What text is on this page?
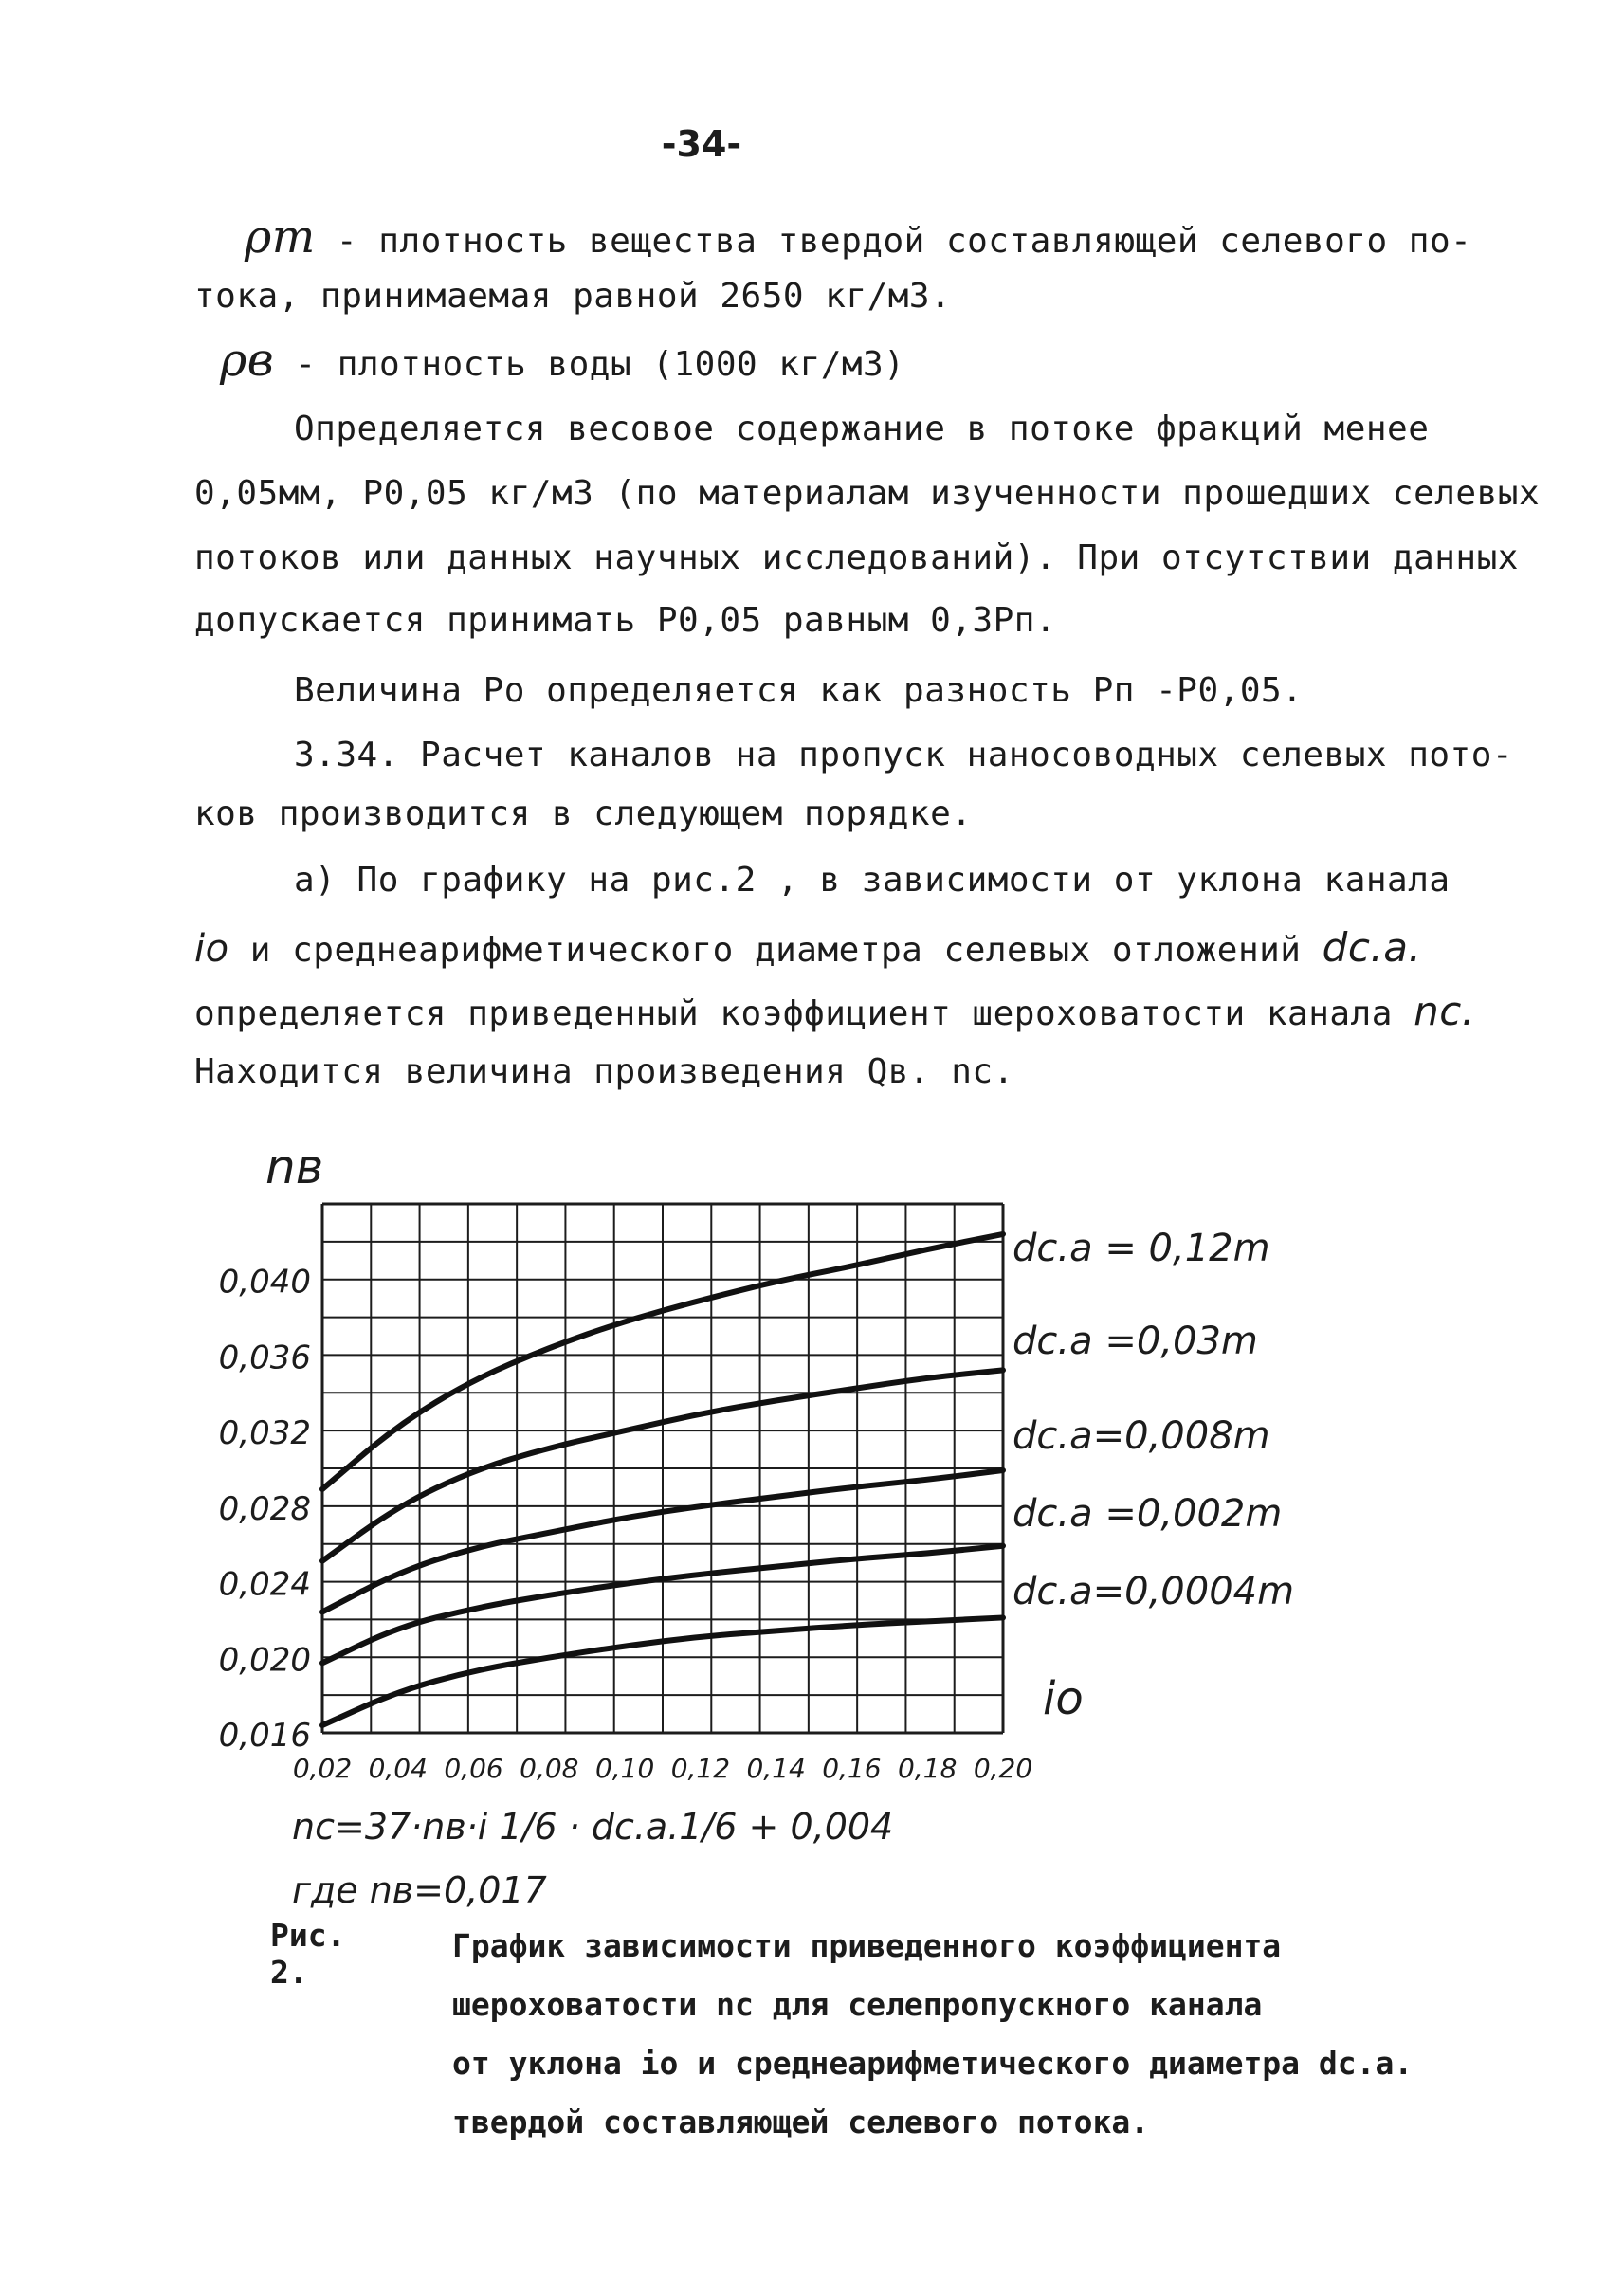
-34-
ρт - плотность вещества твердой составляющей селевого по-
тока, принимаемая равной 2650 кг/м3.
ρв - плотность воды (1000 кг/м3)
Определяется весовое содержание в потоке фракций менее
0,05мм, P0,05 кг/м3 (по материалам изученности прошедших селевых
потоков или данных научных исследований). При отсутствии данных
допускается принимать P0,05 равным 0,3Pп.
Величина Pо определяется как разность Pп -P0,05.
3.34. Расчет каналов на пропуск наносоводных селевых пото-
ков производится в следующем порядке.
а) По графику на рис.2 , в зависимости от уклона канала
io и среднеарифметического диаметра селевых отложений dc.a.
определяется приведенный коэффициент шероховатости канала nс.
Находится величина произведения Qв. nс.
0,016
0,020
0,024
0,028
0,032
0,036
0,040
0,02 0,04 0,06 0,08 0,10 0,12 0,14 0,16 0,18 0,20
dc.a = 0,12m
dc.a =0,03m
dc.a=0,008m
dc.a =0,002m
dc.a=0,0004m
nв
io
nс=37·nв·i 1/6 · dc.a.1/6 + 0,004
где nв=0,017
Рис. 2.
График зависимости приведенного коэффициента
шероховатости nс для селепропускного канала
от уклона io и среднеарифметического диаметра dc.a.
твердой составляющей селевого потока.
